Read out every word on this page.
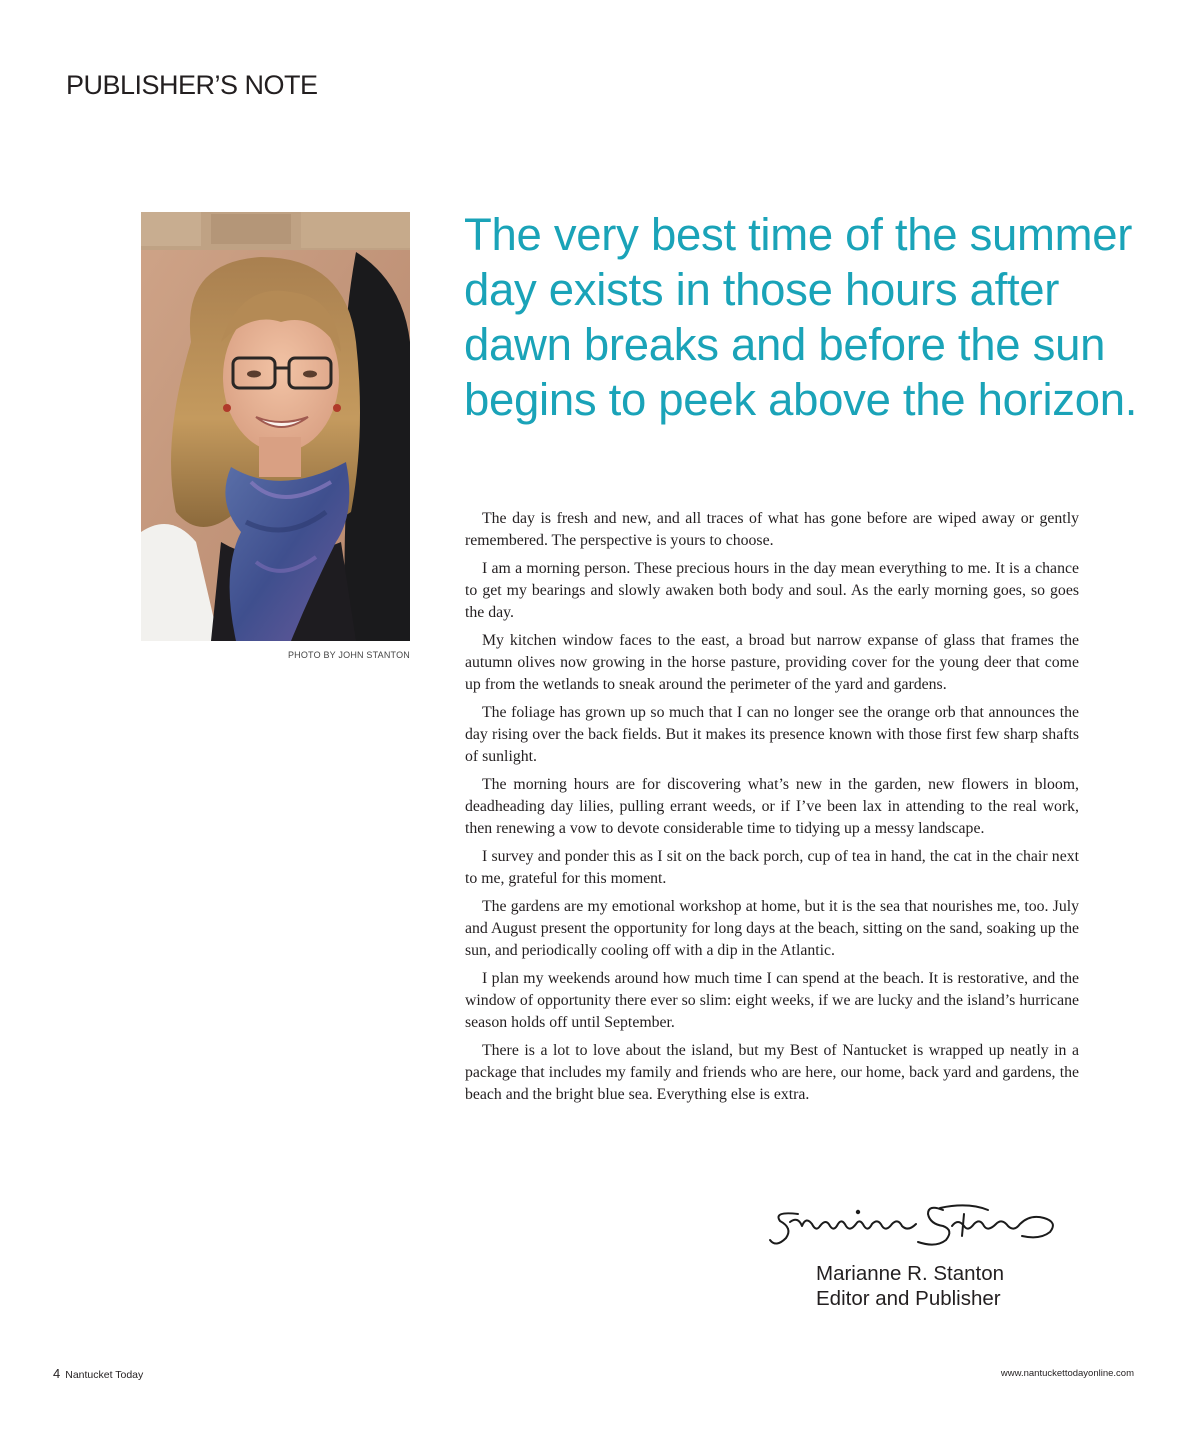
PUBLISHER’S NOTE
PHOTO BY JOHN STANTON
The very best time of the summer day exists in those hours after dawn breaks and before the sun begins to peek above the horizon.

The day is fresh and new, and all traces of what has gone before are wiped away or gently remembered. The perspective is yours to choose.

I am a morning person. These precious hours in the day mean everything to me. It is a chance to get my bearings and slowly awaken both body and soul. As the early morning goes, so goes the day.

My kitchen window faces to the east, a broad but narrow expanse of glass that frames the autumn olives now growing in the horse pasture, providing cover for the young deer that come up from the wetlands to sneak around the perimeter of the yard and gardens.

The foliage has grown up so much that I can no longer see the orange orb that announces the day rising over the back fields. But it makes its presence known with those first few sharp shafts of sunlight.

The morning hours are for discovering what’s new in the garden, new flowers in bloom, deadheading day lilies, pulling errant weeds, or if I’ve been lax in attending to the real work, then renewing a vow to devote considerable time to tidying up a messy landscape.

I survey and ponder this as I sit on the back porch, cup of tea in hand, the cat in the chair next to me, grateful for this moment.

The gardens are my emotional workshop at home, but it is the sea that nourishes me, too. July and August present the opportunity for long days at the beach, sitting on the sand, soaking up the sun, and periodically cooling off with a dip in the Atlantic.

I plan my weekends around how much time I can spend at the beach. It is restorative, and the window of opportunity there ever so slim: eight weeks, if we are lucky and the island’s hurricane season holds off until September.

There is a lot to love about the island, but my Best of Nantucket is wrapped up neatly in a package that includes my family and friends who are here, our home, back yard and gardens, the beach and the bright blue sea. Everything else is extra.

Marianne R. Stanton
Editor and Publisher
4 Nantucket Today	www.nantuckettodayonline.com
